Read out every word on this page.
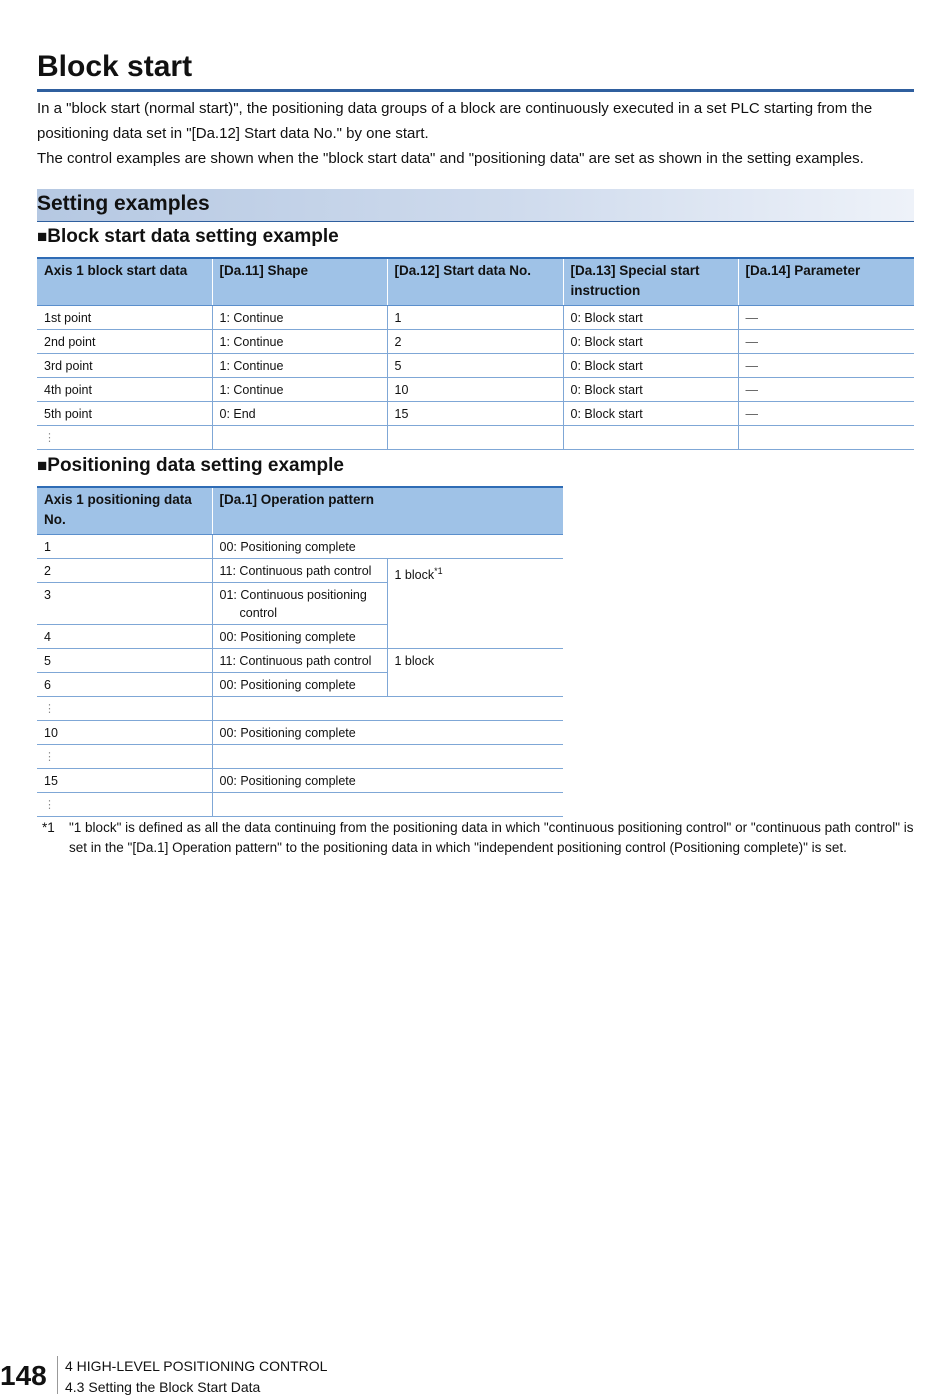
Block start

In a "block start (normal start)", the positioning data groups of a block are continuously executed in a set PLC starting from the positioning data set in "[Da.12] Start data No." by one start.

The control examples are shown when the "block start data" and "positioning data" are set as shown in the setting examples.

Setting examples
■Block start data setting example
Axis 1 block start data	[Da.11] Shape	[Da.12] Start data No.	[Da.13] Special start instruction	[Da.14] Parameter
1st point	1: Continue	1	0: Block start	—
2nd point	1: Continue	2	0: Block start	—
3rd point	1: Continue	5	0: Block start	—
4th point	1: Continue	10	0: Block start	—
5th point	0: End	15	0: Block start	—
⋮				
■Positioning data setting example
Axis 1 positioning data No.	[Da.1] Operation pattern	
1	00: Positioning complete	
2	11: Continuous path control	1 block$^{*1}$
3	01: Continuous positioning
control	
4	00: Positioning complete	
5	11: Continuous path control	1 block
6	00: Positioning complete	
⋮		
10	00: Positioning complete	
⋮		
15	00: Positioning complete	
⋮		
*1 "1 block" is defined as all the data continuing from the positioning data in which "continuous positioning control" or "continuous path control" is set in the "[Da.1] Operation pattern" to the positioning data in which "independent positioning control (Positioning complete)" is set.
148 4 HIGH-LEVEL POSITIONING CONTROL
4.3 Setting the Block Start Data
